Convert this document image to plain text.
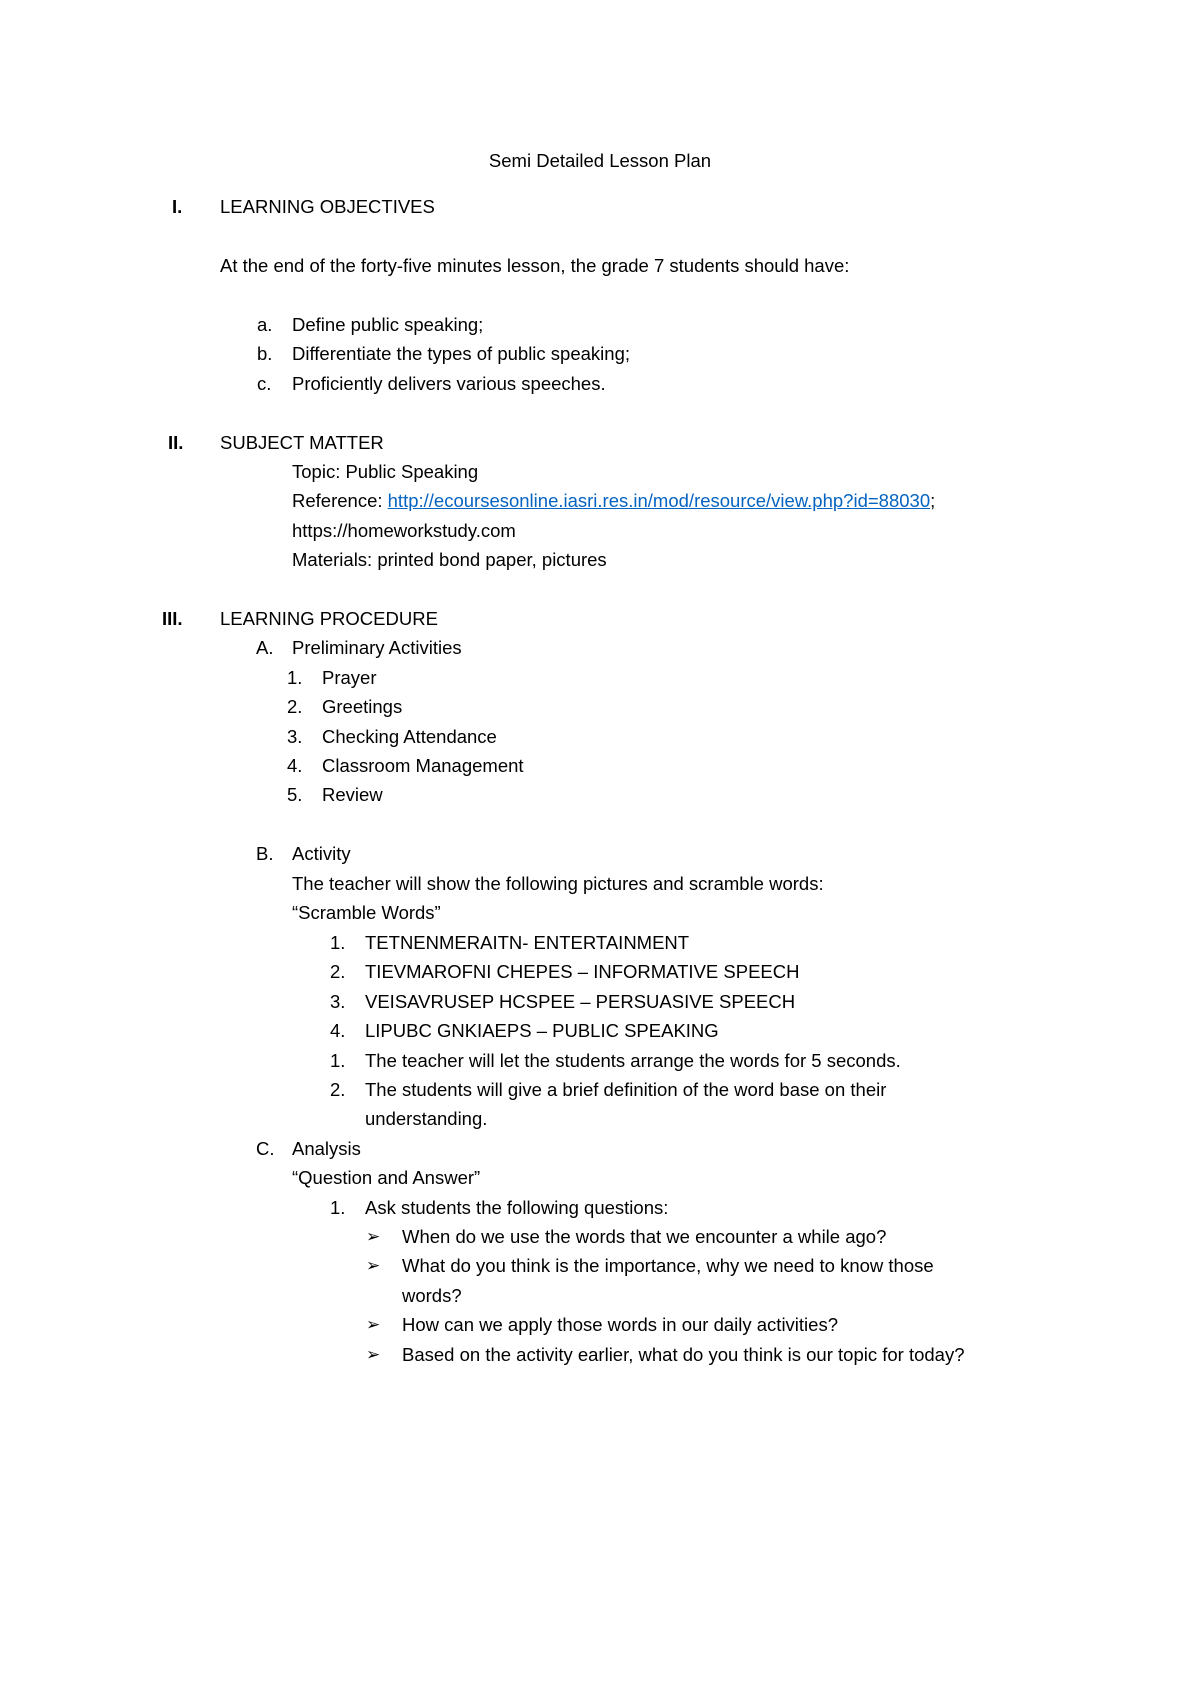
Semi Detailed Lesson Plan
I. LEARNING OBJECTIVES
At the end of the forty-five minutes lesson, the grade 7 students should have:
a. Define public speaking;
b. Differentiate the types of public speaking;
c. Proficiently delivers various speeches.
II. SUBJECT MATTER
Topic: Public Speaking
Reference: http://ecoursesonline.iasri.res.in/mod/resource/view.php?id=88030;
https://homeworkstudy.com
Materials: printed bond paper, pictures
III. LEARNING PROCEDURE
A. Preliminary Activities
1. Prayer
2. Greetings
3. Checking Attendance
4. Classroom Management
5. Review
B. Activity
The teacher will show the following pictures and scramble words:
“Scramble Words”
1. TETNENMERAITN- ENTERTAINMENT
2. TIEVMAROFNI CHEPES – INFORMATIVE SPEECH
3. VEISAVRUSEP HCSPEE – PERSUASIVE SPEECH
4. LIPUBC GNKIAEPS – PUBLIC SPEAKING
1. The teacher will let the students arrange the words for 5 seconds.
2. The students will give a brief definition of the word base on their
understanding.
C. Analysis
“Question and Answer”
1. Ask students the following questions:
➢ When do we use the words that we encounter a while ago?
➢ What do you think is the importance, why we need to know those
words?
➢ How can we apply those words in our daily activities?
➢ Based on the activity earlier, what do you think is our topic for today?
